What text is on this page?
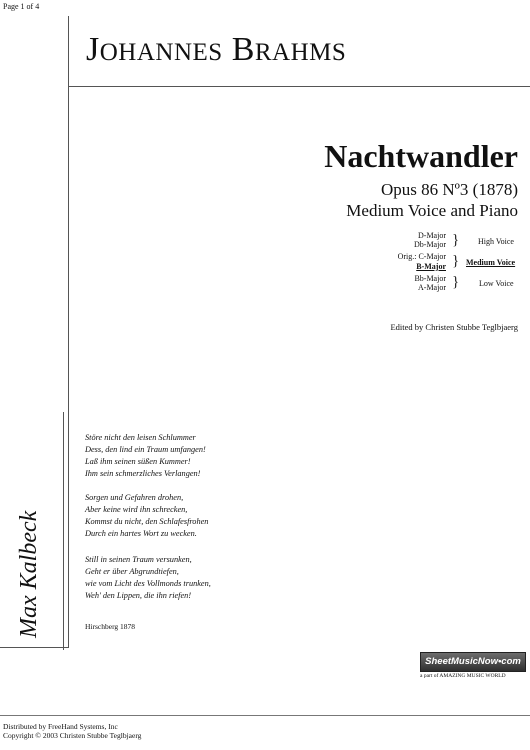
Page 1 of 4
JOHANNES BRAHMS
Nachtwandler
Opus 86 Nº3 (1878)
Medium Voice and Piano
D-Major
Db-Major } High Voice
Orig.: C-Major
B-Major } Medium Voice
Bb-Major
A-Major } Low Voice
Edited by Christen Stubbe Teglbjaerg
Störe nicht den leisen Schlummer
Dess, den lind ein Traum umfangen!
Laß ihm seinen süßen Kummer!
Ihm sein schmerzliches Verlangen!
Sorgen und Gefahren drohen,
Aber keine wird ihn schrecken,
Kommst du nicht, den Schlafesfrohen
Durch ein hartes Wort zu wecken.
Still in seinen Traum versunken,
Geht er über Abgrundtiefen,
wie vom Licht des Vollmonds trunken,
Weh' den Lippen, die ihn riefen!
Hirschberg 1878
Max Kalbeck
SheetMusicNow•com
a part of AMAZING MUSIC WORLD
Distributed by FreeHand Systems, Inc
Copyright © 2003 Christen Stubbe Teglbjaerg
